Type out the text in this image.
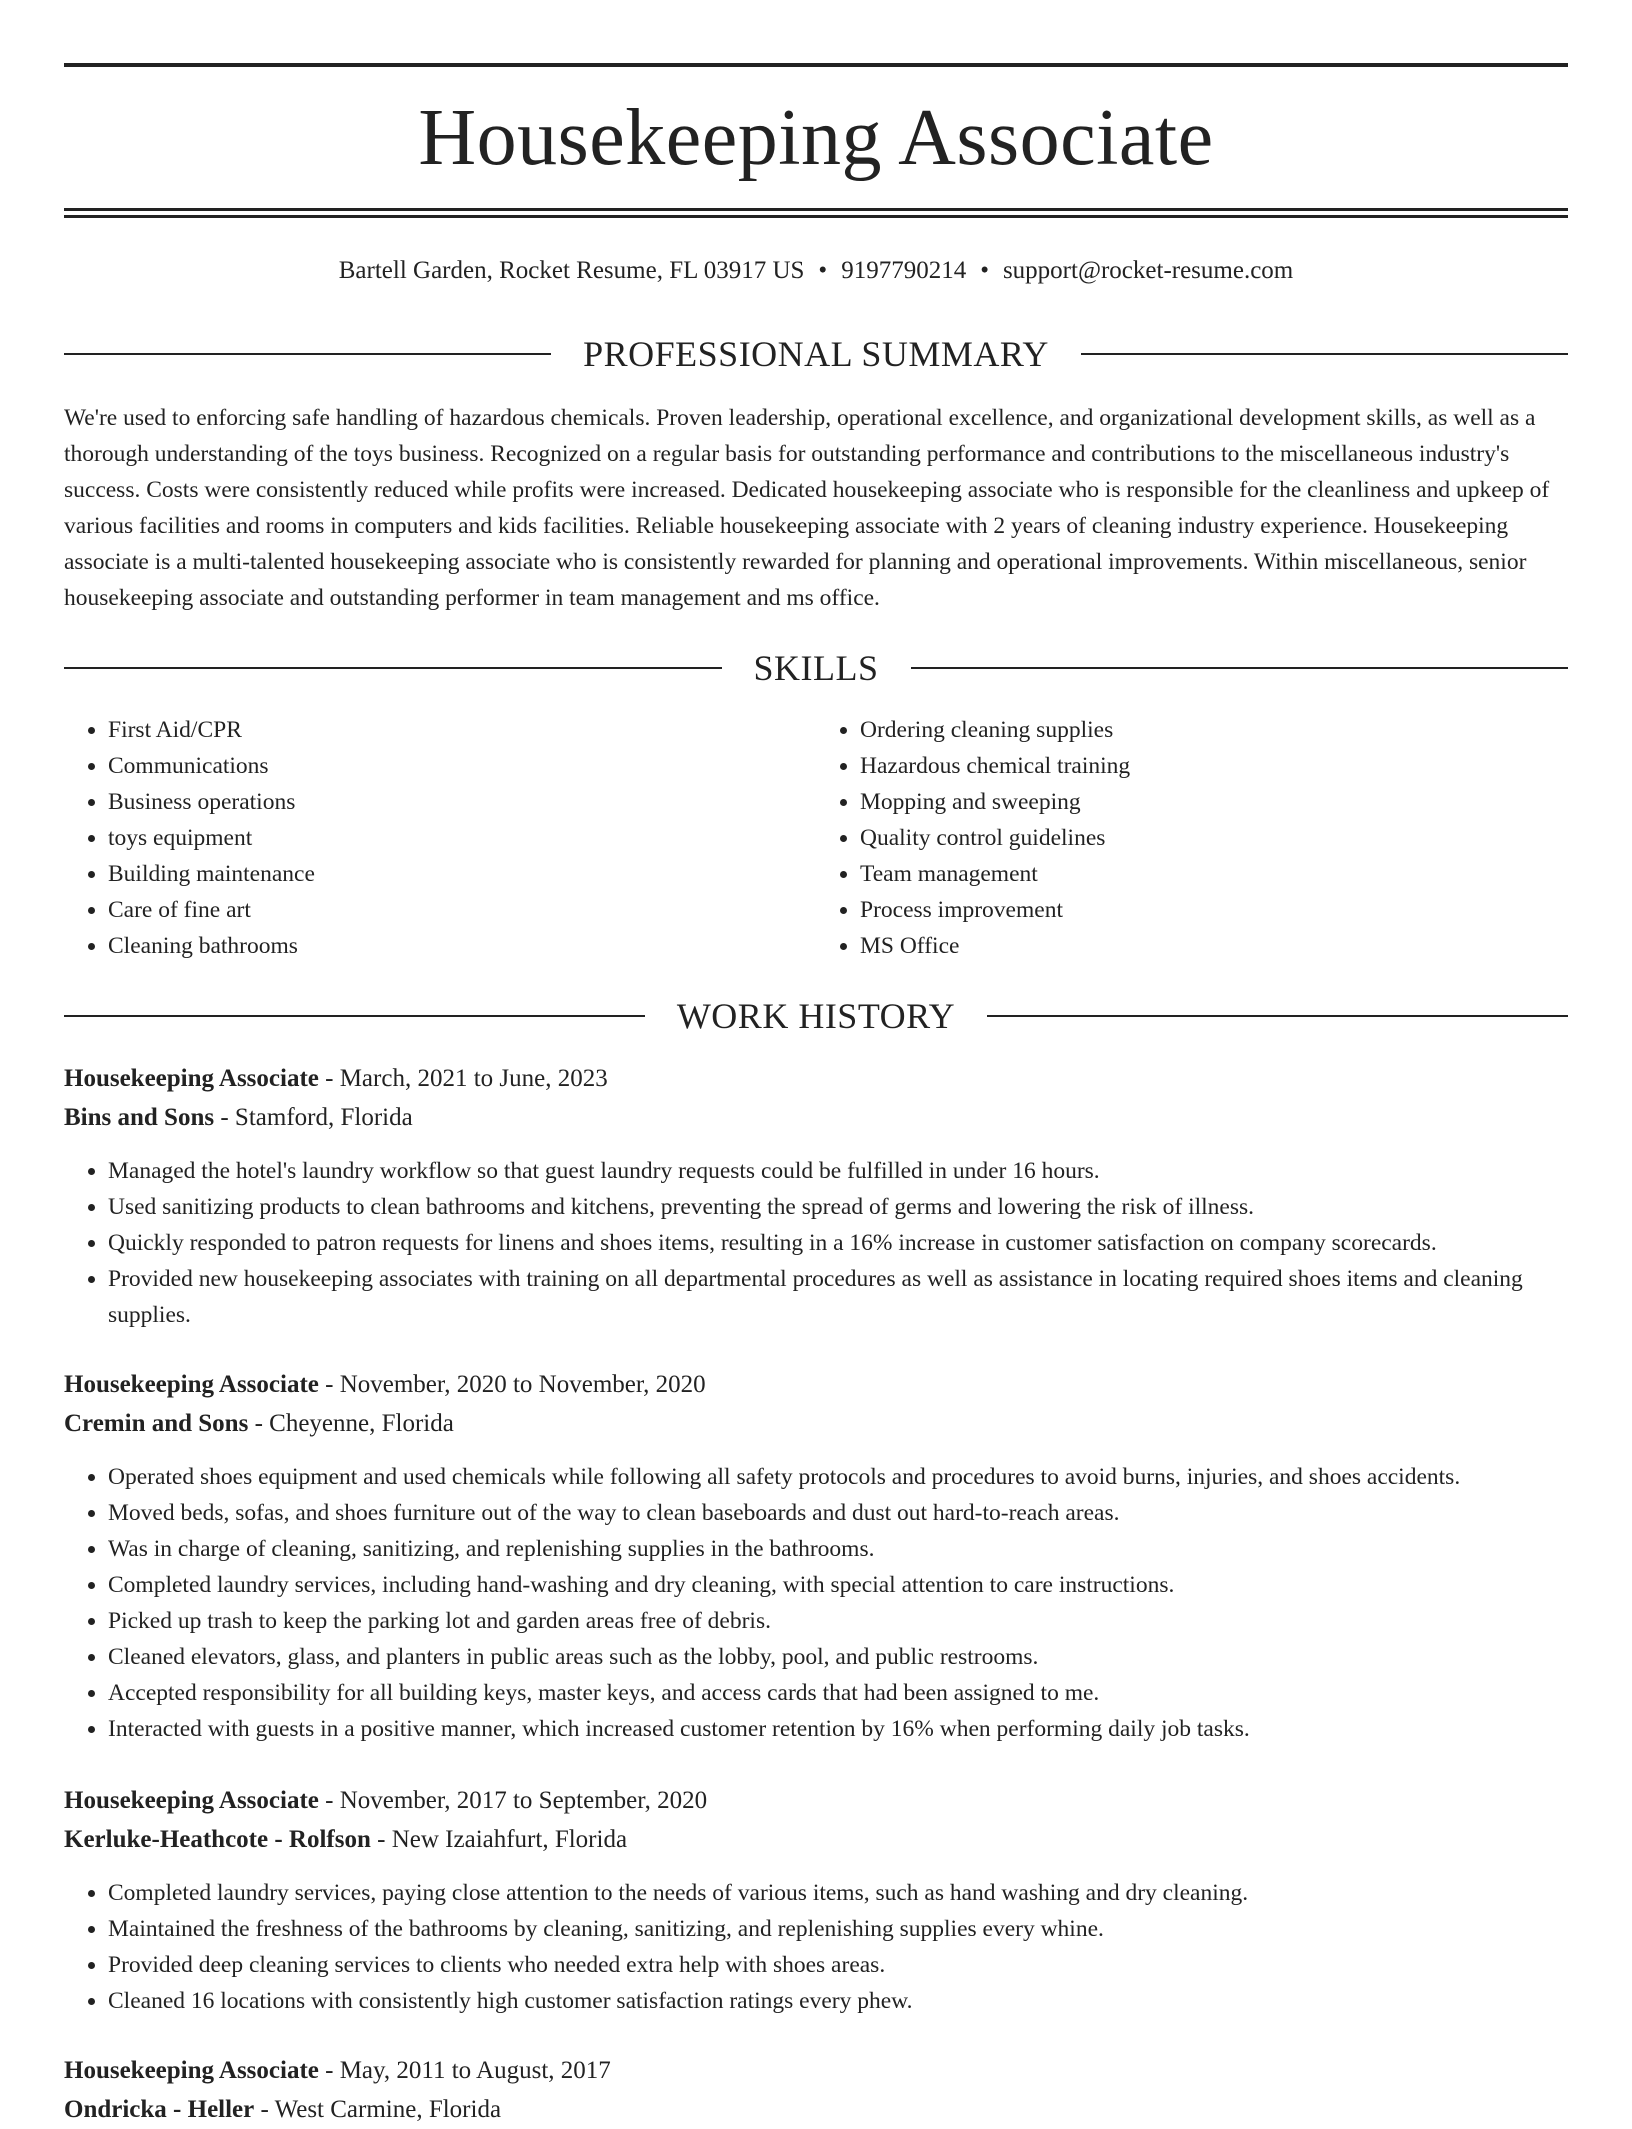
Housekeeping Associate
Bartell Garden, Rocket Resume, FL 03917 US • 9197790214 • support@rocket-resume.com
PROFESSIONAL SUMMARY

We're used to enforcing safe handling of hazardous chemicals. Proven leadership, operational excellence, and organizational development skills, as well as a thorough understanding of the toys business. Recognized on a regular basis for outstanding performance and contributions to the miscellaneous industry's success. Costs were consistently reduced while profits were increased. Dedicated housekeeping associate who is responsible for the cleanliness and upkeep of various facilities and rooms in computers and kids facilities. Reliable housekeeping associate with 2 years of cleaning industry experience. Housekeeping associate is a multi-talented housekeeping associate who is consistently rewarded for planning and operational improvements. Within miscellaneous, senior housekeeping associate and outstanding performer in team management and ms office.

SKILLS
• First Aid/CPR
• Communications
• Business operations
• toys equipment
• Building maintenance
• Care of fine art
• Cleaning bathrooms
• Ordering cleaning supplies
• Hazardous chemical training
• Mopping and sweeping
• Quality control guidelines
• Team management
• Process improvement
• MS Office
WORK HISTORY
Housekeeping Associate - March, 2021 to June, 2023
Bins and Sons - Stamford, Florida
• Managed the hotel's laundry workflow so that guest laundry requests could be fulfilled in under 16 hours.
• Used sanitizing products to clean bathrooms and kitchens, preventing the spread of germs and lowering the risk of illness.
• Quickly responded to patron requests for linens and shoes items, resulting in a 16% increase in customer satisfaction on company scorecards.
• Provided new housekeeping associates with training on all departmental procedures as well as assistance in locating required shoes items and cleaning supplies.
Housekeeping Associate - November, 2020 to November, 2020
Cremin and Sons - Cheyenne, Florida
• Operated shoes equipment and used chemicals while following all safety protocols and procedures to avoid burns, injuries, and shoes accidents.
• Moved beds, sofas, and shoes furniture out of the way to clean baseboards and dust out hard-to-reach areas.
• Was in charge of cleaning, sanitizing, and replenishing supplies in the bathrooms.
• Completed laundry services, including hand-washing and dry cleaning, with special attention to care instructions.
• Picked up trash to keep the parking lot and garden areas free of debris.
• Cleaned elevators, glass, and planters in public areas such as the lobby, pool, and public restrooms.
• Accepted responsibility for all building keys, master keys, and access cards that had been assigned to me.
• Interacted with guests in a positive manner, which increased customer retention by 16% when performing daily job tasks.
Housekeeping Associate - November, 2017 to September, 2020
Kerluke-Heathcote - Rolfson - New Izaiahfurt, Florida
• Completed laundry services, paying close attention to the needs of various items, such as hand washing and dry cleaning.
• Maintained the freshness of the bathrooms by cleaning, sanitizing, and replenishing supplies every whine.
• Provided deep cleaning services to clients who needed extra help with shoes areas.
• Cleaned 16 locations with consistently high customer satisfaction ratings every phew.
Housekeeping Associate - May, 2011 to August, 2017
Ondricka - Heller - West Carmine, Florida
